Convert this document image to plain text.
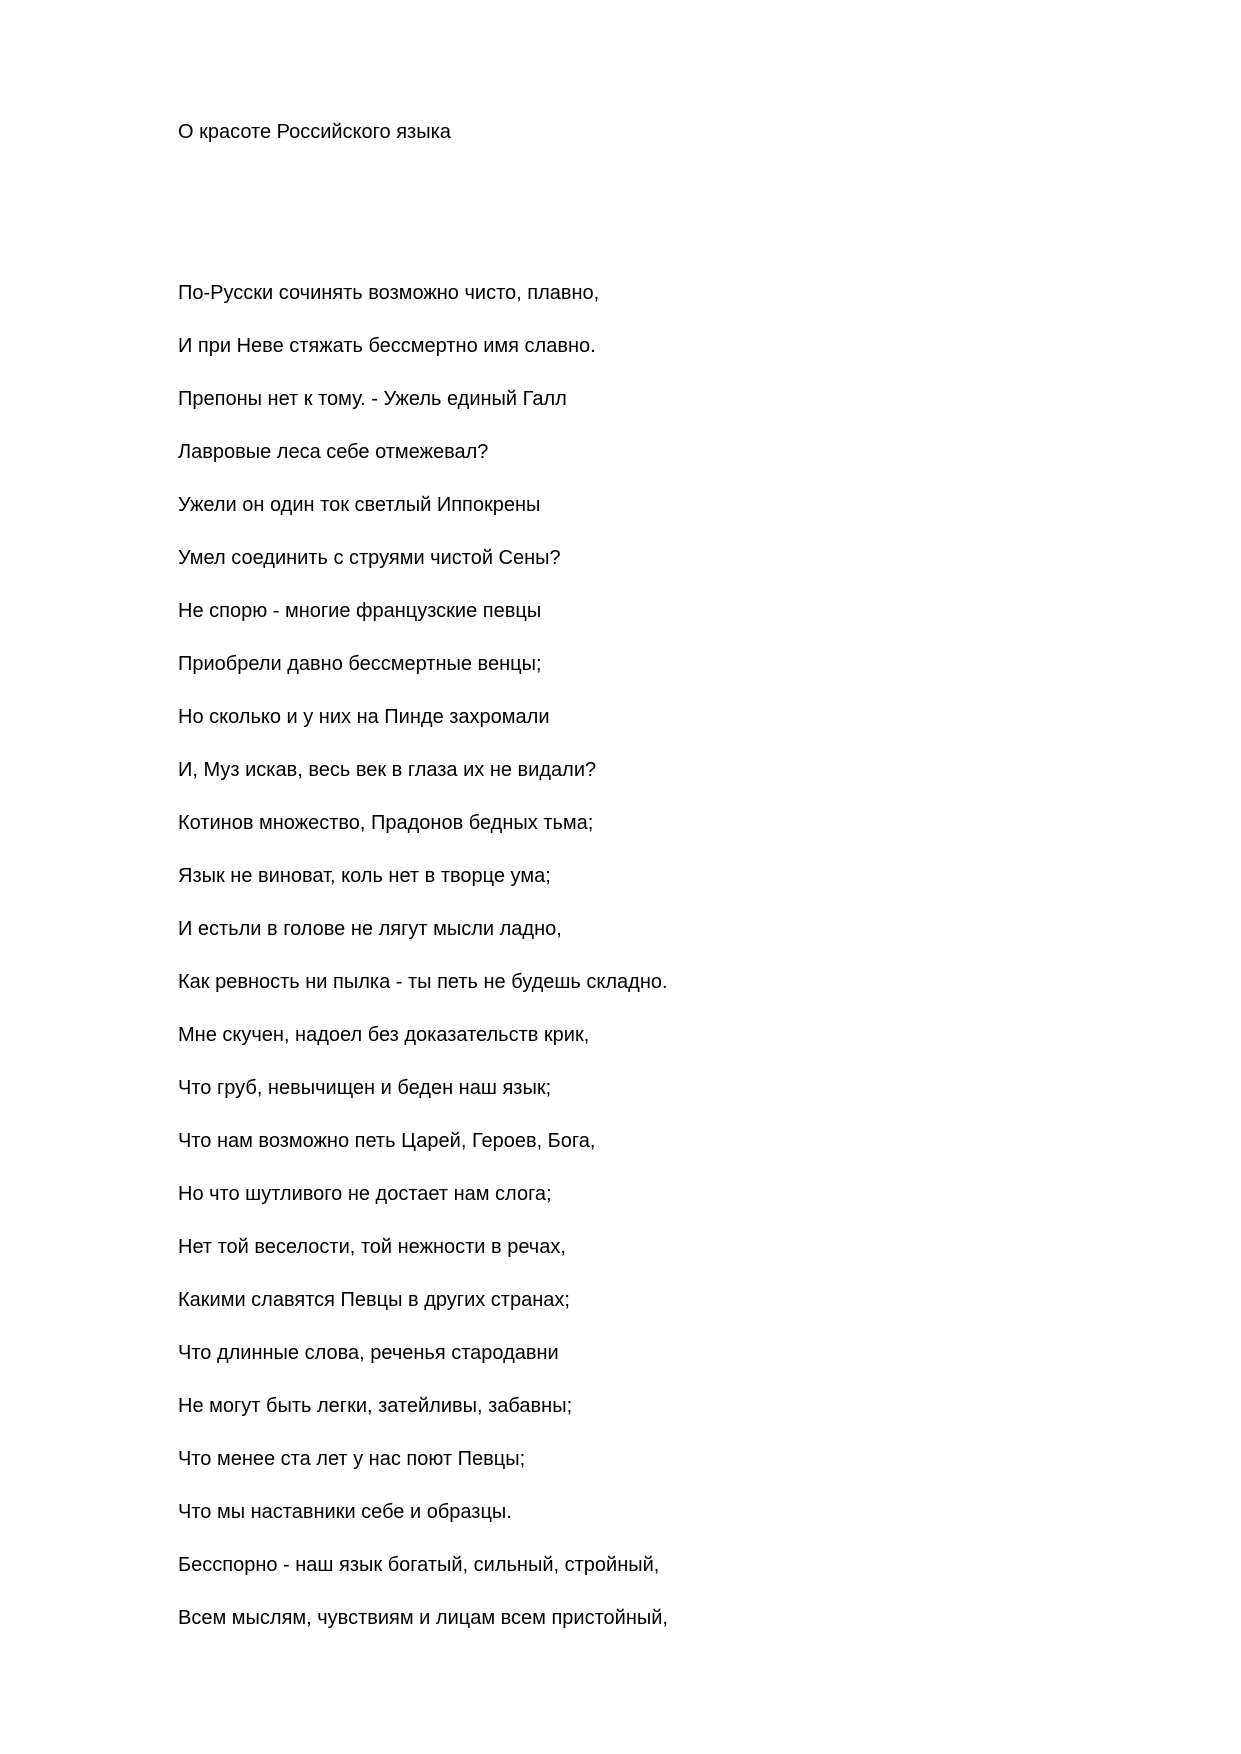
О красоте Российского языка
По-Русски сочинять возможно чисто, плавно,
И при Неве стяжать бессмертно имя славно.
Препоны нет к тому. - Ужель единый Галл
Лавровые леса себе отмежевал?
Ужели он один ток светлый Иппокрены
Умел соединить с струями чистой Сены?
Не спорю - многие французские певцы
Приобрели давно бессмертные венцы;
Но сколько и у них на Пинде захромали
И, Муз искав, весь век в глаза их не видали?
Котинов множество, Прадонов бедных тьма;
Язык не виноват, коль нет в творце ума;
И естьли в голове не лягут мысли ладно,
Как ревность ни пылка - ты петь не будешь складно.
Мне скучен, надоел без доказательств крик,
Что груб, невычищен и беден наш язык;
Что нам возможно петь Царей, Героев, Бога,
Но что шутливого не достает нам слога;
Нет той веселости, той нежности в речах,
Какими славятся Певцы в других странах;
Что длинные слова, реченья стародавни
Не могут быть легки, затейливы, забавны;
Что менее ста лет у нас поют Певцы;
Что мы наставники себе и образцы.
Бесспорно - наш язык богатый, сильный, стройный,
Всем мыслям, чувствиям и лицам всем пристойный,
